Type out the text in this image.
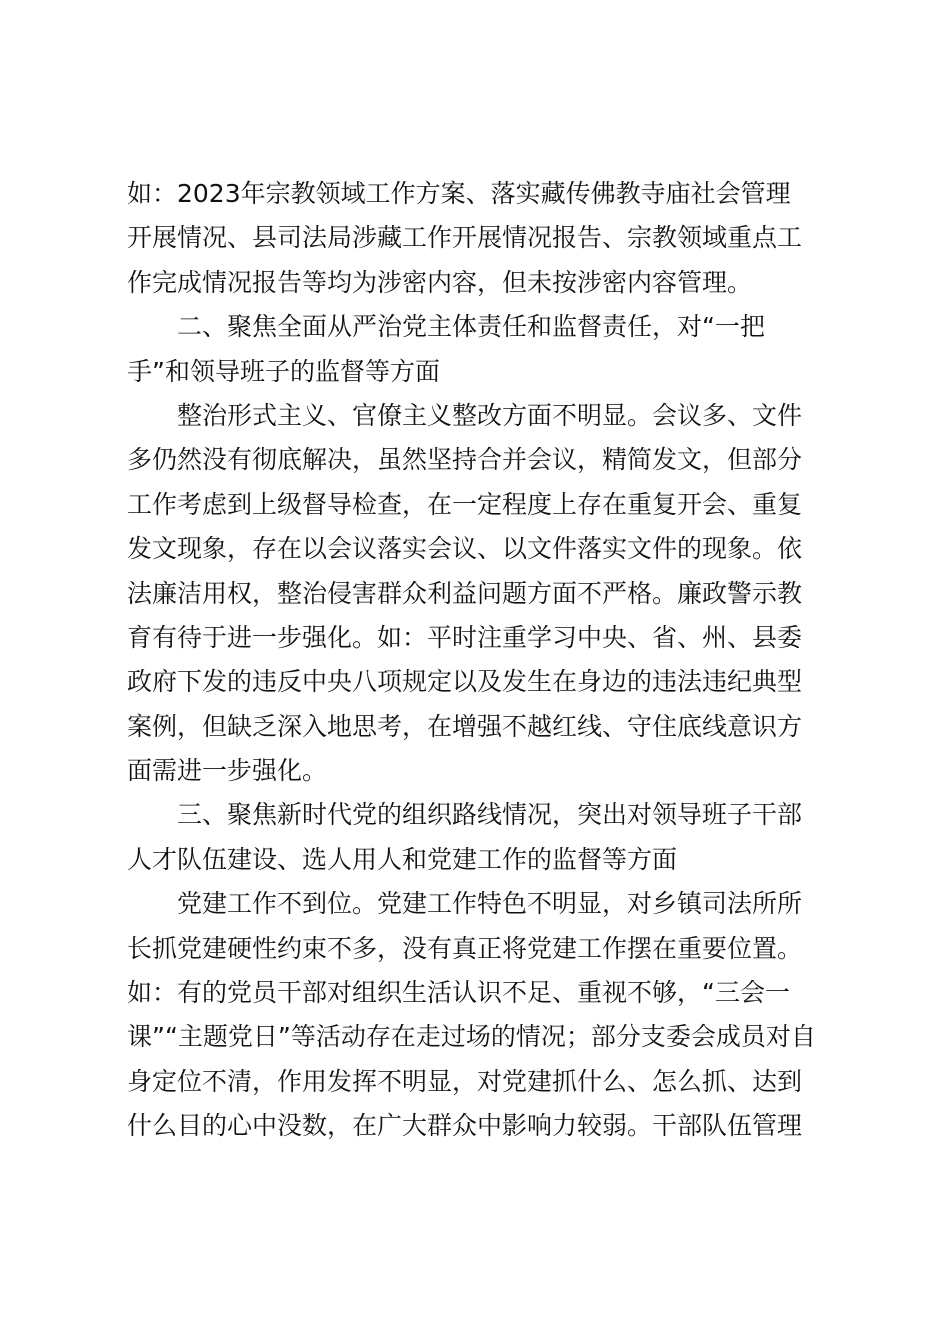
如：2023年宗教领域工作方案、落实藏传佛教寺庙社会管理
开展情况、县司法局涉藏工作开展情况报告、宗教领域重点工
作完成情况报告等均为涉密内容，但未按涉密内容管理。
二、聚焦全面从严治党主体责任和监督责任，对“一把
手”和领导班子的监督等方面
整治形式主义、官僚主义整改方面不明显。会议多、文件
多仍然没有彻底解决，虽然坚持合并会议，精简发文，但部分
工作考虑到上级督导检查，在一定程度上存在重复开会、重复
发文现象，存在以会议落实会议、以文件落实文件的现象。依
法廉洁用权，整治侵害群众利益问题方面不严格。廉政警示教
育有待于进一步强化。如：平时注重学习中央、省、州、县委
政府下发的违反中央八项规定以及发生在身边的违法违纪典型
案例，但缺乏深入地思考，在增强不越红线、守住底线意识方
面需进一步强化。
三、聚焦新时代党的组织路线情况，突出对领导班子干部
人才队伍建设、选人用人和党建工作的监督等方面
党建工作不到位。党建工作特色不明显，对乡镇司法所所
长抓党建硬性约束不多，没有真正将党建工作摆在重要位置。
如：有的党员干部对组织生活认识不足、重视不够，“三会一
课”“主题党日”等活动存在走过场的情况；部分支委会成员对自
身定位不清，作用发挥不明显，对党建抓什么、怎么抓、达到
什么目的心中没数，在广大群众中影响力较弱。干部队伍管理
